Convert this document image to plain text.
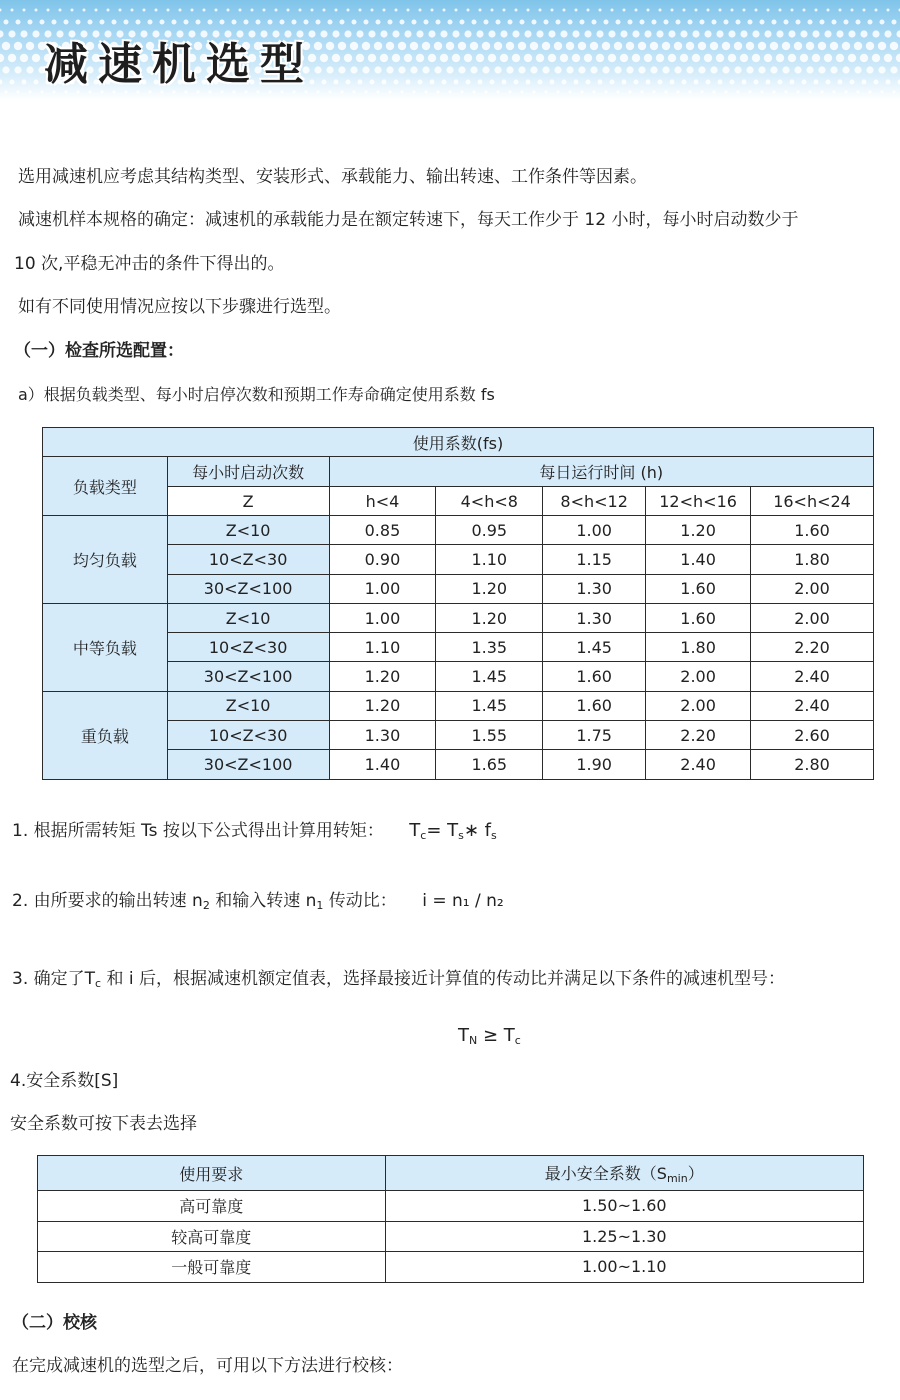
减速机选型
选用减速机应考虑其结构类型、安装形式、承载能力、输出转速、工作条件等因素。
减速机样本规格的确定：减速机的承载能力是在额定转速下，每天工作少于 12 小时，每小时启动数少于
10 次,平稳无冲击的条件下得出的。
如有不同使用情况应按以下步骤进行选型。
（一）检查所选配置：
a）根据负载类型、每小时启停次数和预期工作寿命确定使用系数 fs
使用系数(fs)						
负载类型	每小时启动次数	每日运行时间 (h)				
	Z	h<4	4<h<8	8<h<12	12<h<16	16<h<24
均匀负载	Z<10	0.85	0.95	1.00	1.20	1.60
	10<Z<30	0.90	1.10	1.15	1.40	1.80
	30<Z<100	1.00	1.20	1.30	1.60	2.00
中等负载	Z<10	1.00	1.20	1.30	1.60	2.00
	10<Z<30	1.10	1.35	1.45	1.80	2.20
	30<Z<100	1.20	1.45	1.60	2.00	2.40
重负载	Z<10	1.20	1.45	1.60	2.00	2.40
	10<Z<30	1.30	1.55	1.75	2.20	2.60
	30<Z<100	1.40	1.65	1.90	2.40	2.80
1. 根据所需转矩 Ts 按以下公式得出计算用转矩： $T_c=$ $T_s∗$ $f_s$
2. 由所要求的输出转速 $n_2$ 和输入转速 $n_1$ 传动比： i = n₁ / n₂
3. 确定了$T_c$ 和 i 后，根据减速机额定值表，选择最接近计算值的传动比并满足以下条件的减速机型号：
$T_N \ge T_c$
4.安全系数[S]
安全系数可按下表去选择
使用要求	最小安全系数$(S_{min})$
高可靠度	1.50~1.60
较高可靠度	1.25~1.30
一般可靠度	1.00~1.10
（二）校核
在完成减速机的选型之后，可用以下方法进行校核：
